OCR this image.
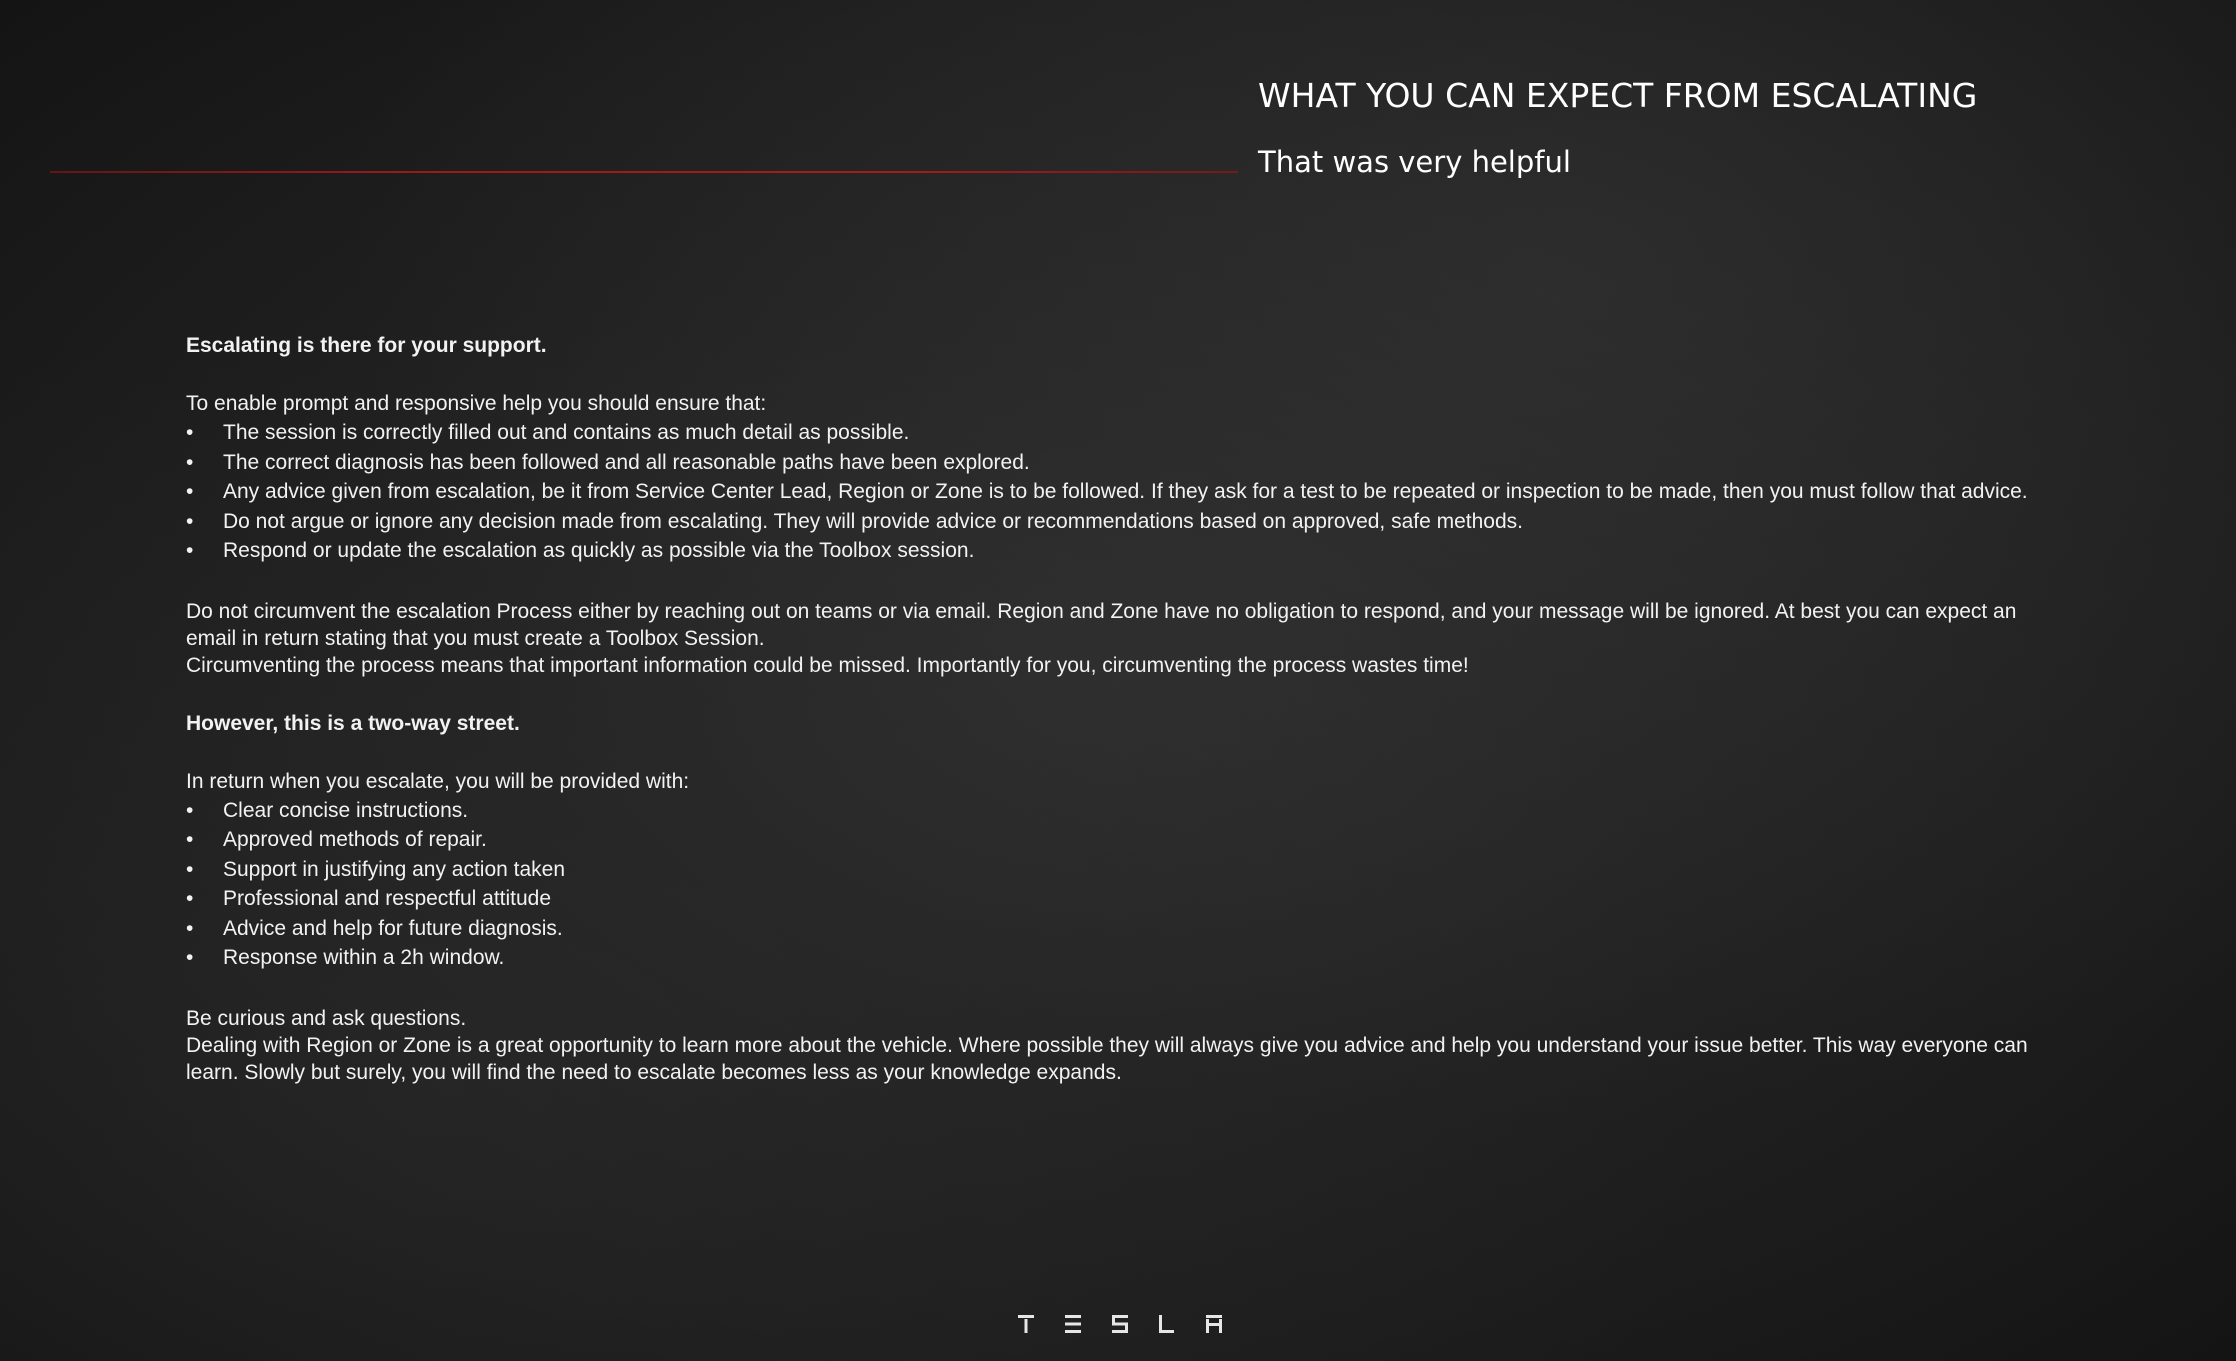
WHAT YOU CAN EXPECT FROM ESCALATING
That was very helpful

Escalating is there for your support.

To enable prompt and responsive help you should ensure that:

• The session is correctly filled out and contains as much detail as possible.
• The correct diagnosis has been followed and all reasonable paths have been explored.
• Any advice given from escalation, be it from Service Center Lead, Region or Zone is to be followed. If they ask for a test to be repeated or inspection to be made, then you must follow that advice.
• Do not argue or ignore any decision made from escalating. They will provide advice or recommendations based on approved, safe methods.
• Respond or update the escalation as quickly as possible via the Toolbox session.

Do not circumvent the escalation Process either by reaching out on teams or via email. Region and Zone have no obligation to respond, and your message will be ignored. At best you can expect an email in return stating that you must create a Toolbox Session.

Circumventing the process means that important information could be missed. Importantly for you, circumventing the process wastes time!

However, this is a two-way street.

In return when you escalate, you will be provided with:

• Clear concise instructions.
• Approved methods of repair.
• Support in justifying any action taken
• Professional and respectful attitude
• Advice and help for future diagnosis.
• Response within a 2h window.

Be curious and ask questions.

Dealing with Region or Zone is a great opportunity to learn more about the vehicle. Where possible they will always give you advice and help you understand your issue better. This way everyone can learn. Slowly but surely, you will find the need to escalate becomes less as your knowledge expands.
